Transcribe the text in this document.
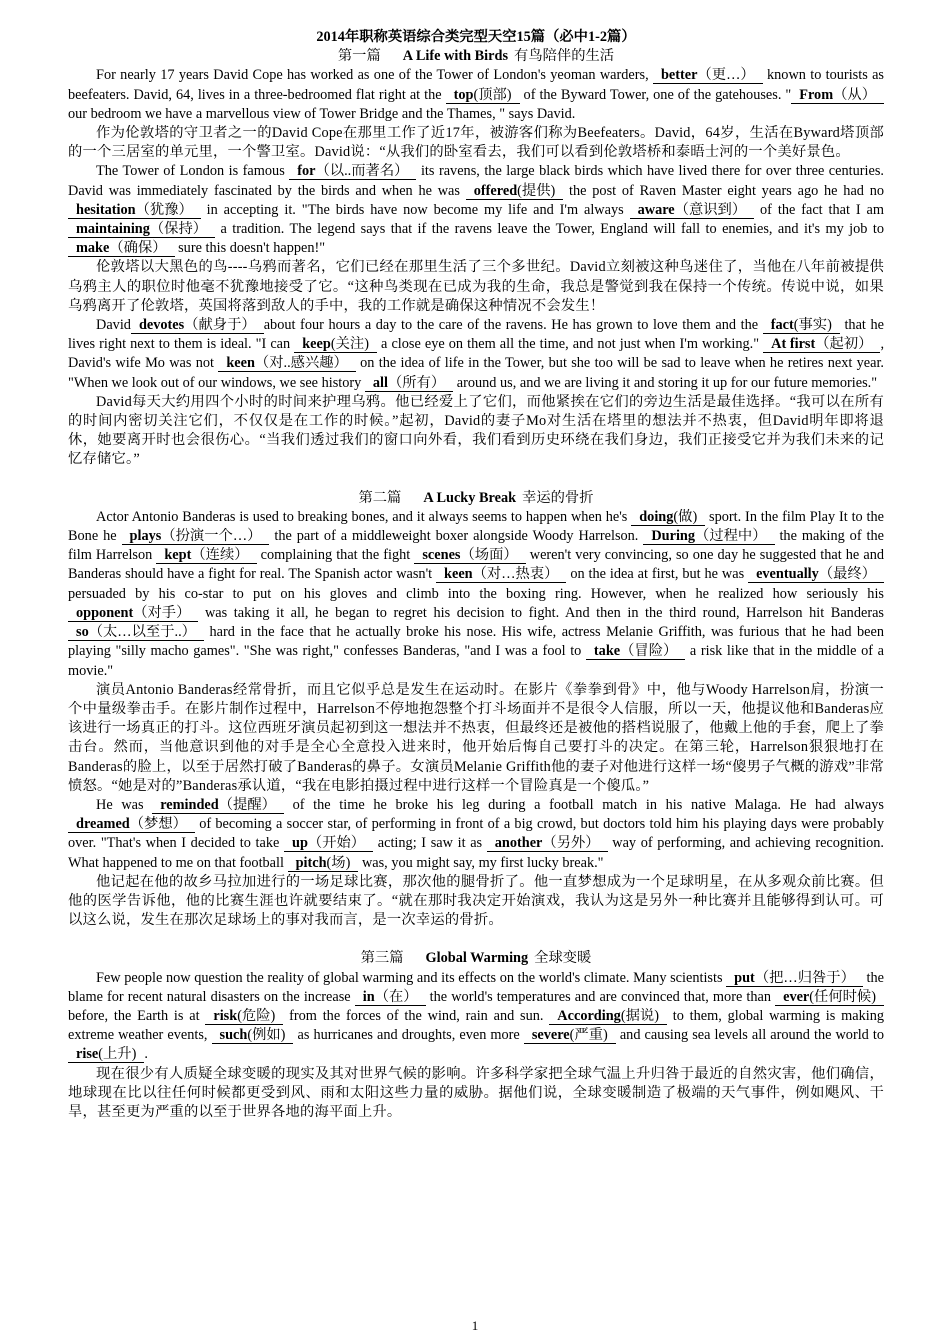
2014年职称英语综合类完型天空15篇（必中1-2篇）

第一篇 A Life with Birds 有鸟陪伴的生活

For nearly 17 years David Cope has worked as one of the Tower of London's yeoman warders, better（更…） known to tourists as beefeaters. David, 64, lives in a three-bedroomed flat right at the top(顶部) of the Byward Tower, one of the gatehouses. " From（从） our bedroom we have a marvellous view of Tower Bridge and the Thames, " says David.

作为伦敦塔的守卫者之一的David Cope在那里工作了近17年，被游客们称为Beefeaters。David，64岁，生活在Byward塔顶部的一个三居室的单元里，一个警卫室。David说：“从我们的卧室看去，我们可以看到伦敦塔桥和泰晤士河的一个美好景色。

The Tower of London is famous for（以..而著名） its ravens, the large black birds which have lived there for over three centuries. David was immediately fascinated by the birds and when he was offered(提供) the post of Raven Master eight years ago he had no hesitation（犹豫） in accepting it. "The birds have now become my life and I'm always aware（意识到） of the fact that I am maintaining（保持） a tradition. The legend says that if the ravens leave the Tower, England will fall to enemies, and it's my job to make（确保） sure this doesn't happen!"

伦敦塔以大黑色的鸟----乌鸦而著名，它们已经在那里生活了三个多世纪。David立刻被这种鸟迷住了，当他在八年前被提供乌鸦主人的职位时他毫不犹豫地接受了它。“这种鸟类现在已成为我的生命，我总是警觉到我在保持一个传统。传说中说，如果乌鸦离开了伦敦塔，英国将落到敌人的手中，我的工作就是确保这种情况不会发生！

David devotes（献身于） about four hours a day to the care of the ravens. He has grown to love them and the fact(事实) that he lives right next to them is ideal. "I can keep(关注) a close eye on them all the time, and not just when I'm working." At first（起初） , David's wife Mo was not keen（对..感兴趣） on the idea of life in the Tower, but she too will be sad to leave when he retires next year. "When we look out of our windows, we see history all（所有） around us, and we are living it and storing it up for our future memories."

David每天大约用四个小时的时间来护理乌鸦。他已经爱上了它们，而他紧挨在它们的旁边生活是最佳选择。“我可以在所有的时间内密切关注它们，不仅仅是在工作的时候。”起初，David的妻子Mo对生活在塔里的想法并不热衷，但David明年即将退休，她要离开时也会很伤心。“当我们透过我们的窗口向外看，我们看到历史环绕在我们身边，我们正接受它并为我们未来的记忆存储它。”

第二篇 A Lucky Break 幸运的骨折

Actor Antonio Banderas is used to breaking bones, and it always seems to happen when he's doing(做) sport. In the film Play It to the Bone he plays（扮演一个…） the part of a middleweight boxer alongside Woody Harrelson. During（过程中） the making of the film Harrelson kept（连续） complaining that the fight scenes（场面） weren't very convincing, so one day he suggested that he and Banderas should have a fight for real. The Spanish actor wasn't keen（对…热衷） on the idea at first, but he was eventually（最终） persuaded by his co-star to put on his gloves and climb into the boxing ring. However, when he realized how seriously his opponent（对手） was taking it all, he began to regret his decision to fight. And then in the third round, Harrelson hit Banderas so（太…以至于..） hard in the face that he actually broke his nose. His wife, actress Melanie Griffith, was furious that he had been playing "silly macho games". "She was right," confesses Banderas, "and I was a fool to take（冒险） a risk like that in the middle of a movie."

演员Antonio Banderas经常骨折，而且它似乎总是发生在运动时。在影片《拳拳到骨》中，他与Woody Harrelson肩，扮演一个中量级拳击手。在影片制作过程中，Harrelson不停地抱怨整个打斗场面并不是很令人信服，所以一天，他提议他和Banderas应该进行一场真正的打斗。这位西班牙演员起初到这一想法并不热衷，但最终还是被他的搭档说服了，他戴上他的手套，爬上了拳击台。然而，当他意识到他的对手是全心全意投入进来时，他开始后悔自己要打斗的决定。在第三轮，Harrelson狠狠地打在Banderas的脸上，以至于居然打破了Banderas的鼻子。女演员Melanie Griffith他的妻子对他进行这样一场“傻男子气概的游戏”非常愤怒。“她是对的”Banderas承认道，“我在电影拍摄过程中进行这样一个冒险真是一个傻瓜。”

He was reminded（提醒） of the time he broke his leg during a football match in his native Malaga. He had always dreamed（梦想） of becoming a soccer star, of performing in front of a big crowd, but doctors told him his playing days were probably over. "That's when I decided to take up（开始） acting; I saw it as another（另外） way of performing, and achieving recognition. What happened to me on that football pitch(场) was, you might say, my first lucky break."

他记起在他的故乡马拉加进行的一场足球比赛，那次他的腿骨折了。他一直梦想成为一个足球明星，在从多观众前比赛。但他的医学告诉他，他的比赛生涯也许就要结束了。“就在那时我决定开始演戏，我认为这是另外一种比赛并且能够得到认可。可以这么说，发生在那次足球场上的事对我而言，是一次幸运的骨折。

第三篇 Global Warming 全球变暖

Few people now question the reality of global warming and its effects on the world's climate. Many scientists put（把…归咎于） the blame for recent natural disasters on the increase in（在） the world's temperatures and are convinced that, more than ever(任何时候) before, the Earth is at risk(危险) from the forces of the wind, rain and sun. According(据说) to them, global warming is making extreme weather events, such(例如) as hurricanes and droughts, even more severe(严重) and causing sea levels all around the world to rise(上升) .

现在很少有人质疑全球变暖的现实及其对世界气候的影响。许多科学家把全球气温上升归咎于最近的自然灾害，他们确信，地球现在比以往任何时候都更受到风、雨和太阳这些力量的威胁。据他们说，全球变暖制造了极端的天气事件，例如飓风、干旱，甚至更为严重的以至于世界各地的海平面上升。

1
